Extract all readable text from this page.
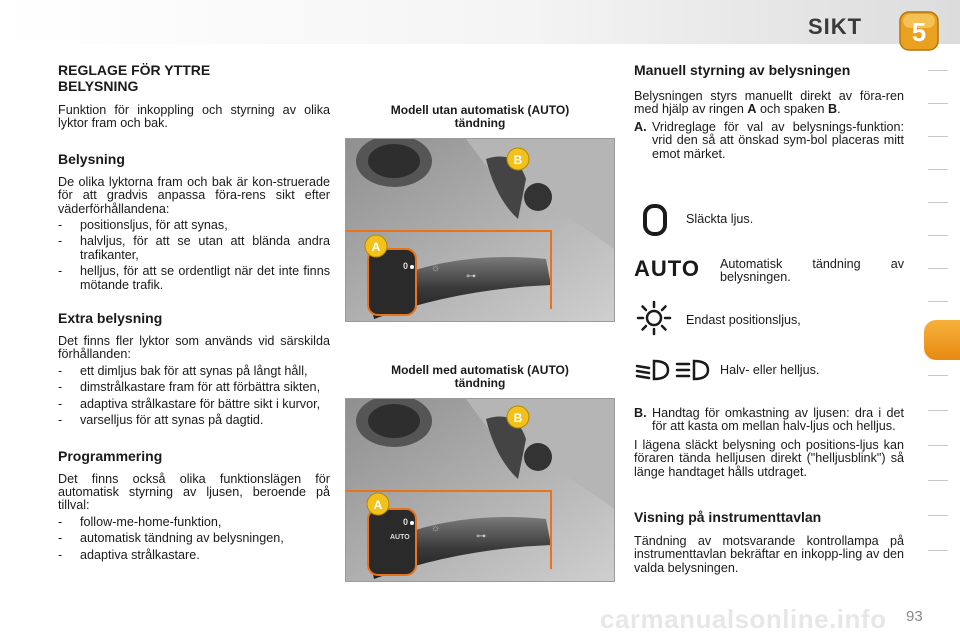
SIKT 5
REGLAGE FÖR YTTRE
BELYSNING
Funktion för inkoppling och styrning av olika lyktor fram och bak.
Belysning
De olika lyktorna fram och bak är kon-struerade för att gradvis anpassa föra-rens sikt efter väderförhållandena:
- positionsljus, för att synas,
- halvljus, för att se utan att blända andra trafikanter,
- helljus, för att se ordentligt när det inte finns mötande trafik.
Extra belysning
Det finns fler lyktor som används vid särskilda förhållanden:
- ett dimljus bak för att synas på långt håll,
- dimstrålkastare fram för att förbättra sikten,
- adaptiva strålkastare för bättre sikt i kurvor,
- varselljus för att synas på dagtid.
Programmering
Det finns också olika funktionslägen för automatisk styrning av ljusen, beroende på tillval:
- follow-me-home-funktion,
- automatisk tändning av belysningen,
- adaptiva strålkastare.
Modell utan automatisk (AUTO)
tändning
0
⊶
☼
A
B
Modell med automatisk (AUTO)
tändning
0
AUTO	⊶
☼
A
B
Manuell styrning av belysningen
Belysningen styrs manuellt direkt av föra-ren med hjälp av ringen A och spaken B.
A. Vridreglage för val av belysnings-funktion: vrid den så att önskad sym-bol placeras mitt emot märket.
Släckta ljus.
AUTO Automatisk tändning av belysningen.
Endast positionsljus,
Halv- eller helljus.
B. Handtag för omkastning av ljusen: dra i det för att kasta om mellan halv-ljus och helljus.
I lägena släckt belysning och positions-ljus kan föraren tända helljusen direkt ("helljusblink") så länge handtaget hålls utdraget.
Visning på instrumenttavlan
Tändning av motsvarande kontrollampa på instrumenttavlan bekräftar en inkopp-ling av den valda belysningen.
carmanualsonline.info 93
